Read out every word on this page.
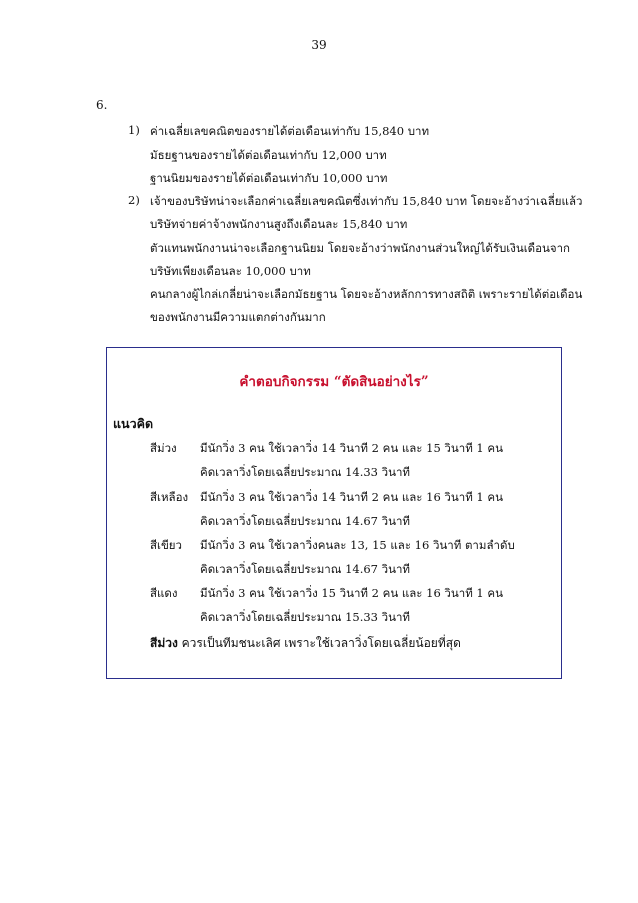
39
6.
1) ค่าเฉลี่ยเลขคณิตของรายได้ต่อเดือนเท่ากับ 15,840 บาท
มัธยฐานของรายได้ต่อเดือนเท่ากับ 12,000 บาท
ฐานนิยมของรายได้ต่อเดือนเท่ากับ 10,000 บาท
2) เจ้าของบริษัทน่าจะเลือกค่าเฉลี่ยเลขคณิตซึ่งเท่ากับ 15,840 บาท โดยจะอ้างว่าเฉลี่ยแล้ว
บริษัทจ่ายค่าจ้างพนักงานสูงถึงเดือนละ 15,840 บาท
ตัวแทนพนักงานน่าจะเลือกฐานนิยม โดยจะอ้างว่าพนักงานส่วนใหญ่ได้รับเงินเดือนจาก
บริษัทเพียงเดือนละ 10,000 บาท
คนกลางผู้ไกล่เกลี่ยน่าจะเลือกมัธยฐาน โดยจะอ้างหลักการทางสถิติ เพราะรายได้ต่อเดือน
ของพนักงานมีความแตกต่างกันมาก
คำตอบกิจกรรม “ตัดสินอย่างไร”
แนวคิด
สีม่วง มีนักวิ่ง 3 คน ใช้เวลาวิ่ง 14 วินาที 2 คน และ 15 วินาที 1 คน
คิดเวลาวิ่งโดยเฉลี่ยประมาณ 14.33 วินาที
สีเหลือง มีนักวิ่ง 3 คน ใช้เวลาวิ่ง 14 วินาที 2 คน และ 16 วินาที 1 คน
คิดเวลาวิ่งโดยเฉลี่ยประมาณ 14.67 วินาที
สีเขียว มีนักวิ่ง 3 คน ใช้เวลาวิ่งคนละ 13, 15 และ 16 วินาที ตามลำดับ
คิดเวลาวิ่งโดยเฉลี่ยประมาณ 14.67 วินาที
สีแดง มีนักวิ่ง 3 คน ใช้เวลาวิ่ง 15 วินาที 2 คน และ 16 วินาที 1 คน
คิดเวลาวิ่งโดยเฉลี่ยประมาณ 15.33 วินาที
สีม่วง ควรเป็นทีมชนะเลิศ เพราะใช้เวลาวิ่งโดยเฉลี่ยน้อยที่สุด
